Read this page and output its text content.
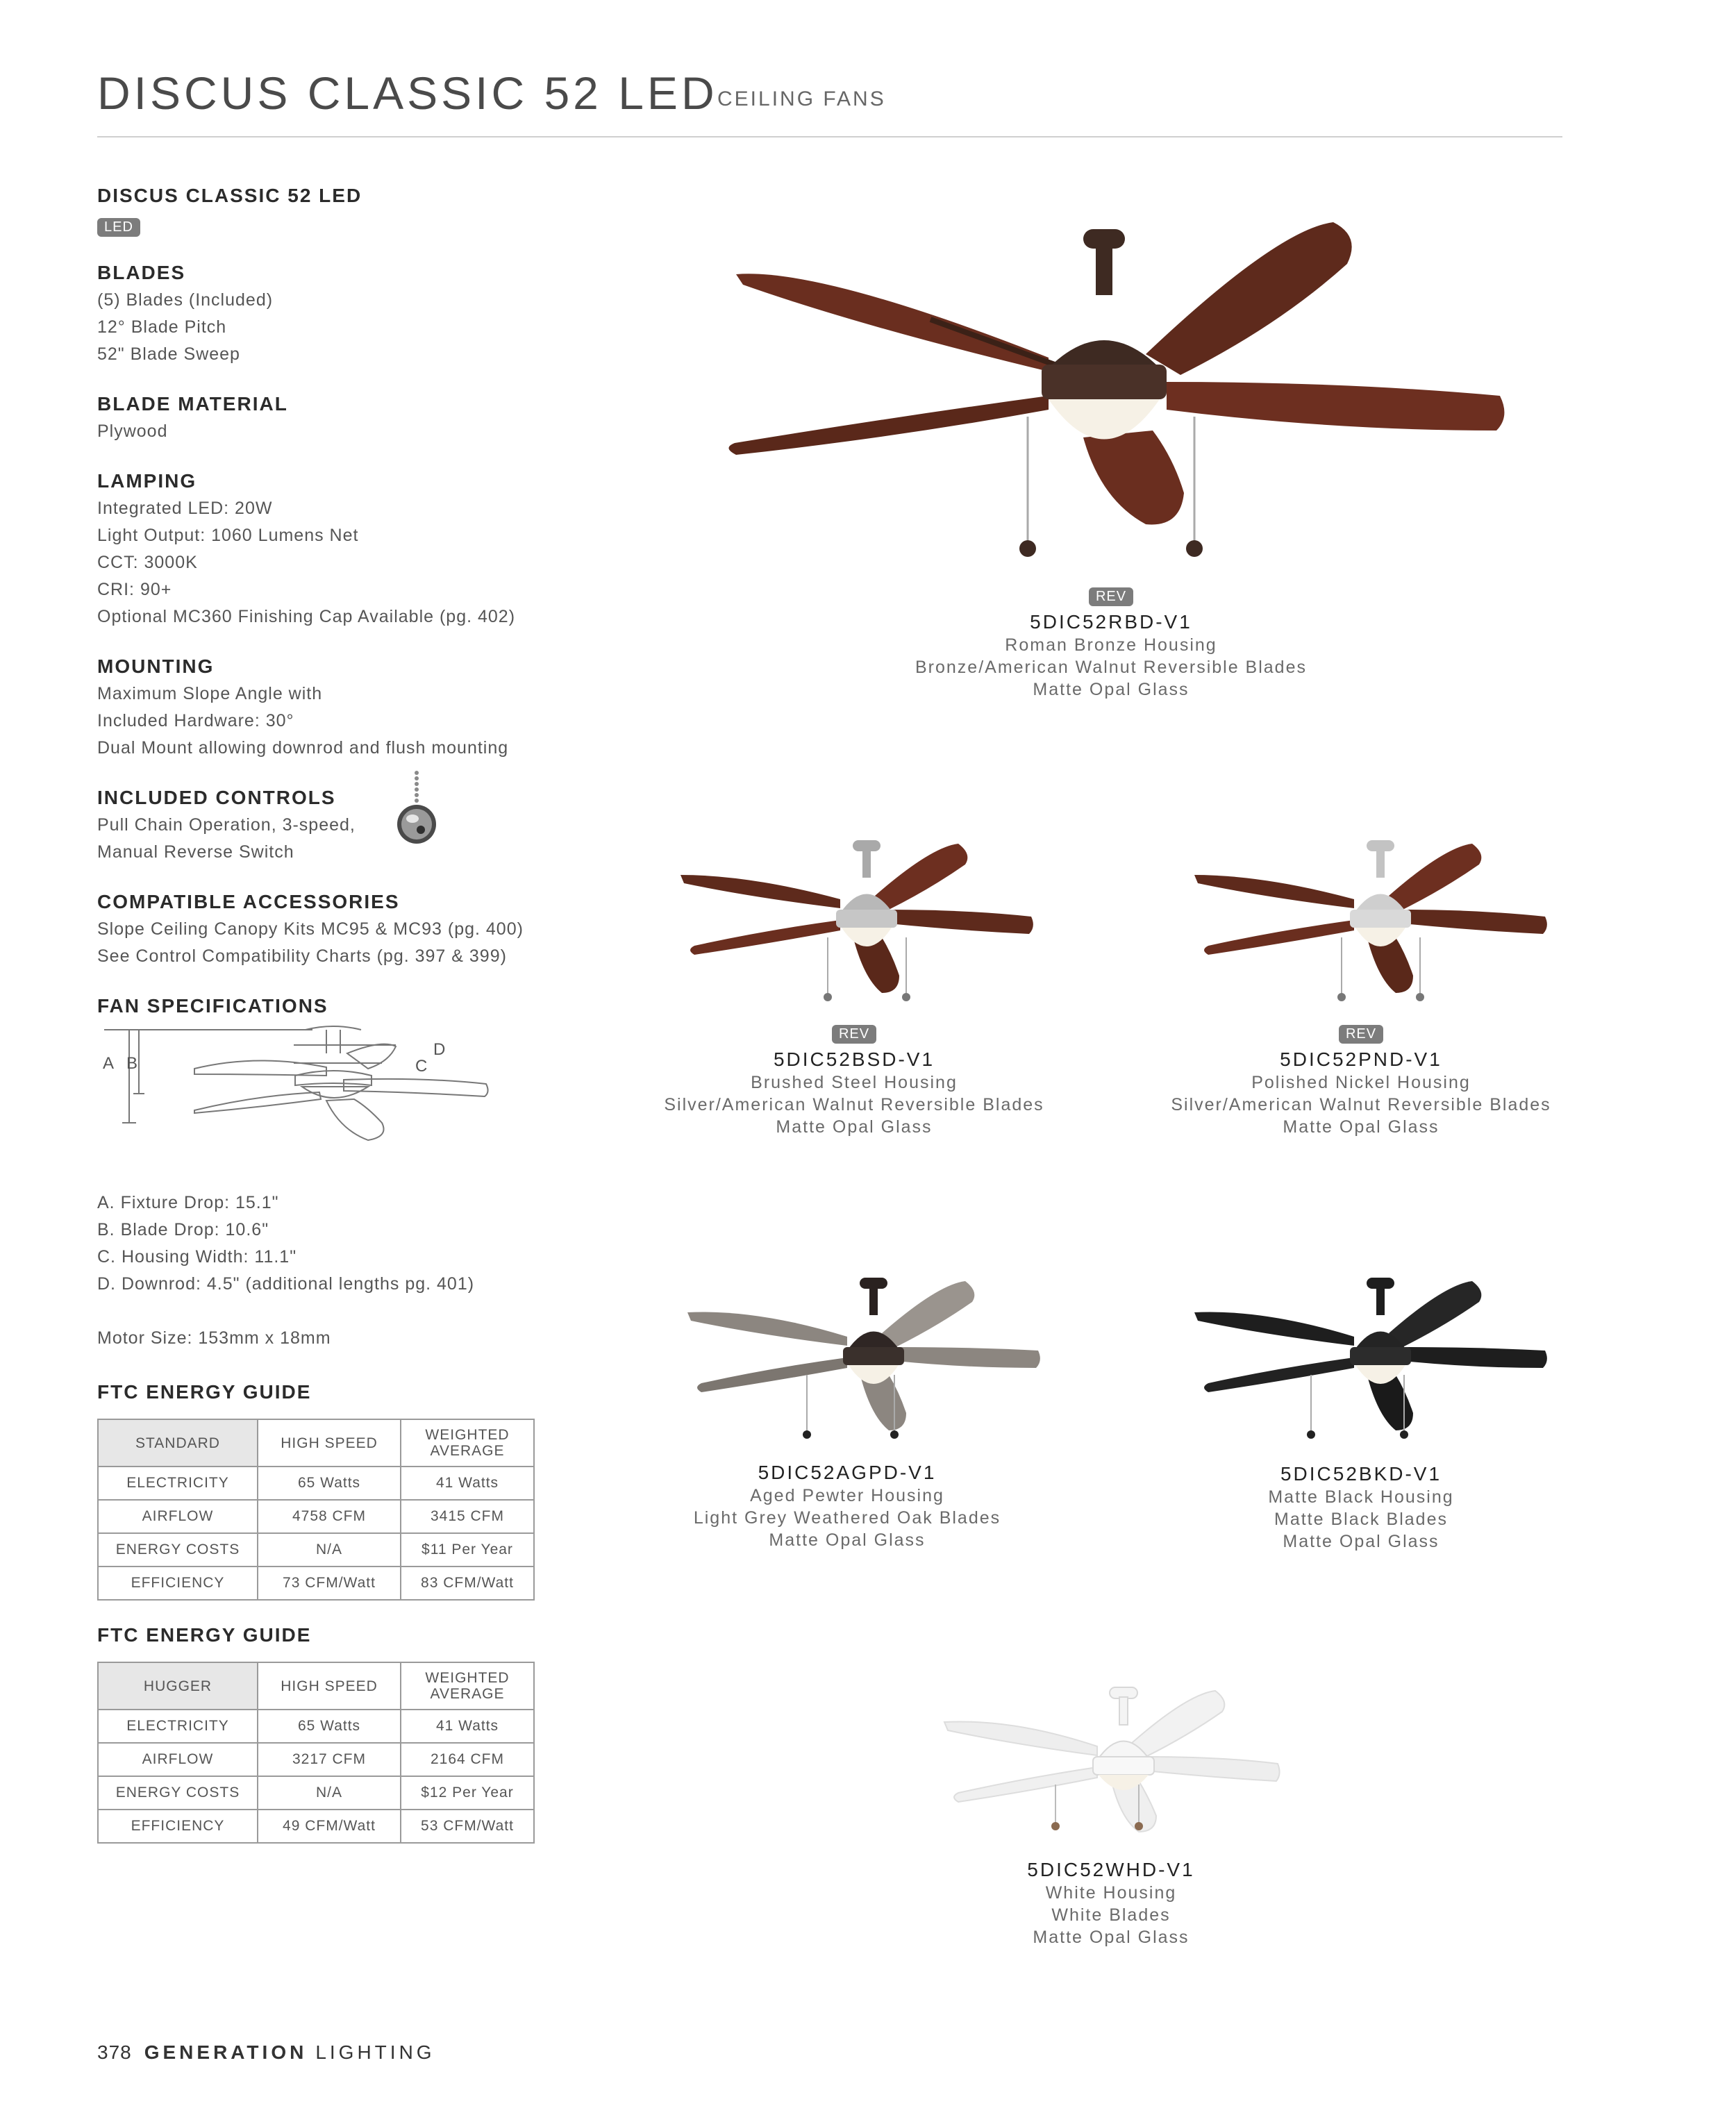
DISCUS CLASSIC 52 LED CEILING FANS
DISCUS CLASSIC 52 LED
LED
BLADES
(5) Blades (Included)
12° Blade Pitch
52" Blade Sweep
BLADE MATERIAL
Plywood
LAMPING
Integrated LED: 20W
Light Output: 1060 Lumens Net
CCT: 3000K
CRI: 90+
Optional MC360 Finishing Cap Available (pg. 402)
MOUNTING
Maximum Slope Angle with
Included Hardware: 30°
Dual Mount allowing downrod and flush mounting
INCLUDED CONTROLS
Pull Chain Operation, 3-speed,
Manual Reverse Switch
COMPATIBLE ACCESSORIES
Slope Ceiling Canopy Kits MC95 & MC93 (pg. 400)
See Control Compatibility Charts (pg. 397 & 399)
FAN SPECIFICATIONS
A B	C
D
A. Fixture Drop: 15.1"
B. Blade Drop: 10.6"
C. Housing Width: 11.1"
D. Downrod: 4.5" (additional lengths pg. 401)
Motor Size: 153mm x 18mm
FTC ENERGY GUIDE
STANDARD	HIGH SPEED	WEIGHTED
AVERAGE
ELECTRICITY	65 Watts	41 Watts
AIRFLOW	4758 CFM	3415 CFM
ENERGY COSTS	N/A	$11 Per Year
EFFICIENCY	73 CFM/Watt	83 CFM/Watt
FTC ENERGY GUIDE
HUGGER	HIGH SPEED	WEIGHTED
AVERAGE
ELECTRICITY	65 Watts	41 Watts
AIRFLOW	3217 CFM	2164 CFM
ENERGY COSTS	N/A	$12 Per Year
EFFICIENCY	49 CFM/Watt	53 CFM/Watt
REV
5DIC52RBD-V1
Roman Bronze Housing
Bronze/American Walnut Reversible Blades
Matte Opal Glass
REV
5DIC52BSD-V1
Brushed Steel Housing
Silver/American Walnut Reversible Blades
Matte Opal Glass
REV
5DIC52PND-V1
Polished Nickel Housing
Silver/American Walnut Reversible Blades
Matte Opal Glass
5DIC52AGPD-V1
Aged Pewter Housing
Light Grey Weathered Oak Blades
Matte Opal Glass
5DIC52BKD-V1
Matte Black Housing
Matte Black Blades
Matte Opal Glass
5DIC52WHD-V1
White Housing
White Blades
Matte Opal Glass
378 GENERATION LIGHTING
